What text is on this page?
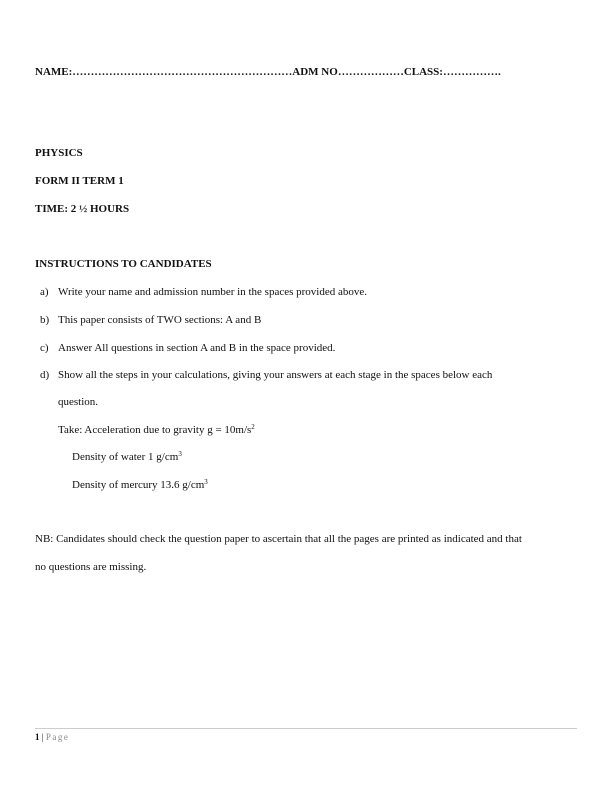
NAME:……………………………………………………ADM NO………………CLASS:…………….
PHYSICS
FORM II TERM 1
TIME: 2 ½ HOURS
INSTRUCTIONS TO CANDIDATES
a) Write your name and admission number in the spaces provided above.
b) This paper consists of TWO sections: A and B
c) Answer All questions in section A and B in the space provided.
d) Show all the steps in your calculations, giving your answers at each stage in the spaces below each
question.
Take: Acceleration due to gravity $g = 10m/s^2$
Density of water 1 $g/cm^3$
Density of mercury 13.6 $g/cm^3$
NB: Candidates should check the question paper to ascertain that all the pages are printed as indicated and that
no questions are missing.
1 | Page
